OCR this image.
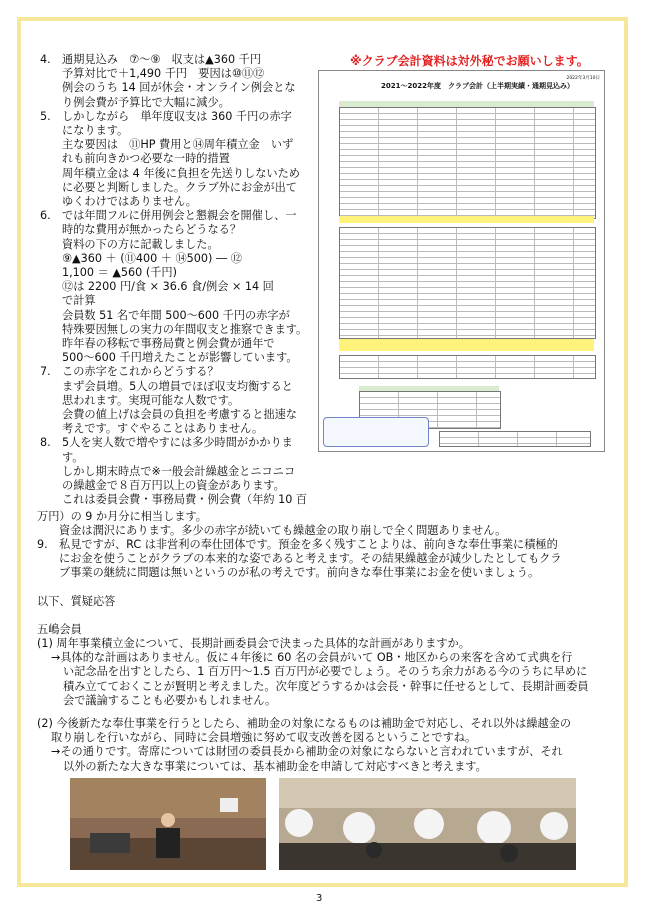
※クラブ会計資料は対外秘でお願いします。
4. 通期見込み　⑦～⑨　収支は▲360 千円
予算対比で＋1,490 千円　要因は⑩⑪⑫
例会のうち 14 回が休会・オンライン例会とな
り例会費が予算比で大幅に減少。
5. しかしながら　単年度収支は 360 千円の赤字
になります。
主な要因は　⑪HP 費用と⑭周年積立金　いず
れも前向きかつ必要な一時的措置
周年積立金は 4 年後に負担を先送りしないため
に必要と判断しました。クラブ外にお金が出て
ゆくわけではありません。
6. では年間フルに併用例会と懇親会を開催し、一
時的な費用が無かったらどうなる？
資料の下の方に記載しました。
⑨▲360 ＋ (⑪400 ＋ ⑭500) ― ⑫
1,100 ＝ ▲560 (千円)
⑫は 2200 円/食 × 36.6 食/例会 × 14 回
で計算
会員数 51 名で年間 500～600 千円の赤字が
特殊要因無しの実力の年間収支と推察できます。
昨年春の移転で事務局費と例会費が通年で
500～600 千円増えたことが影響しています。
7. この赤字をこれからどうする？
まず会員増。5人の増員でほぼ収支均衡すると
思われます。実現可能な人数です。
会費の値上げは会員の負担を考慮すると拙速な
考えです。すぐやることはありません。
8. 5人を実人数で増やすには多少時間がかかりま
す。
しかし期末時点で※一般会計繰越金とニコニコ
の繰越金で８百万円以上の資金があります。
これは委員会費・事務局費・例会費（年約 10 百
万円）の 9 か月分に相当します。
資金は潤沢にあります。多少の赤字が続いても繰越金の取り崩しで全く問題ありません。
9. 私見ですが、RC は非営利の奉仕団体です。預金を多く残すことよりは、前向きな奉仕事業に積極的
にお金を使うことがクラブの本来的な姿であると考えます。その結果繰越金が減少したとしてもクラ
ブ事業の継続に問題は無いというのが私の考えです。前向きな奉仕事業にお金を使いましょう。
以下、質疑応答
五嶋会員
(1) 周年事業積立金について、長期計画委員会で決まった具体的な計画がありますか。
→具体的な計画はありません。仮に４年後に 60 名の会員がいて OB・地区からの来客を含めて式典を行
い記念品を出すとしたら、1 百万円～1.5 百万円が必要でしょう。そのうち余力がある今のうちに早めに
積み立てておくことが賢明と考えました。次年度どうするかは会長・幹事に任せるとして、長期計画委員
会で議論することも必要かもしれません。
(2) 今後新たな奉仕事業を行うとしたら、補助金の対象になるものは補助金で対応し、それ以外は繰越金の
取り崩しを行いながら、同時に会員増強に努めて収支改善を図るということですね。
→その通りです。寄席については財団の委員長から補助金の対象にならないと言われていますが、それ
以外の新たな大きな事業については、基本補助金を申請して対応すべきと考えます。
2022年3月10日
2021～2022年度　クラブ会計（上半期実績・通期見込み）
3
